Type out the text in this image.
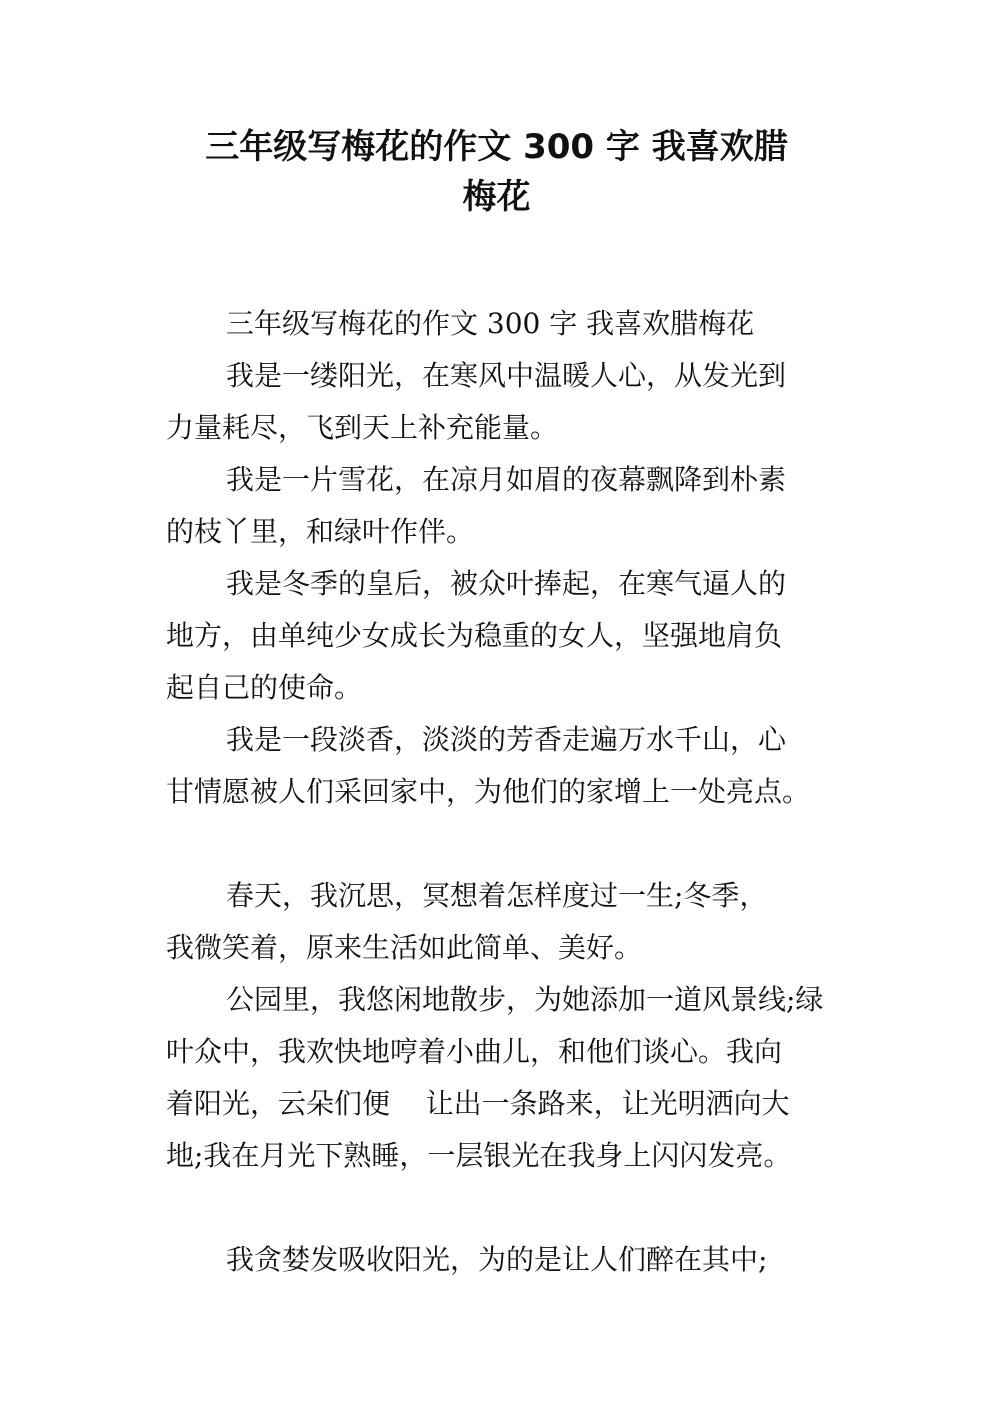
三年级写梅花的作文 300 字 我喜欢腊
梅花
三年级写梅花的作文 300 字 我喜欢腊梅花
我是一缕阳光，在寒风中温暖人心，从发光到
力量耗尽，飞到天上补充能量。
我是一片雪花，在凉月如眉的夜幕飘降到朴素
的枝丫里，和绿叶作伴。
我是冬季的皇后，被众叶捧起，在寒气逼人的
地方，由单纯少女成长为稳重的女人，坚强地肩负
起自己的使命。
我是一段淡香，淡淡的芳香走遍万水千山，心
甘情愿被人们采回家中，为他们的家增上一处亮点。
春天，我沉思，冥想着怎样度过一生;冬季，
我微笑着，原来生活如此简单、美好。
公园里，我悠闲地散步，为她添加一道风景线;绿
叶众中，我欢快地哼着小曲儿，和他们谈心。我向
着阳光，云朵们便    让出一条路来，让光明洒向大
地;我在月光下熟睡，一层银光在我身上闪闪发亮。
我贪婪发吸收阳光，为的是让人们醉在其中;
